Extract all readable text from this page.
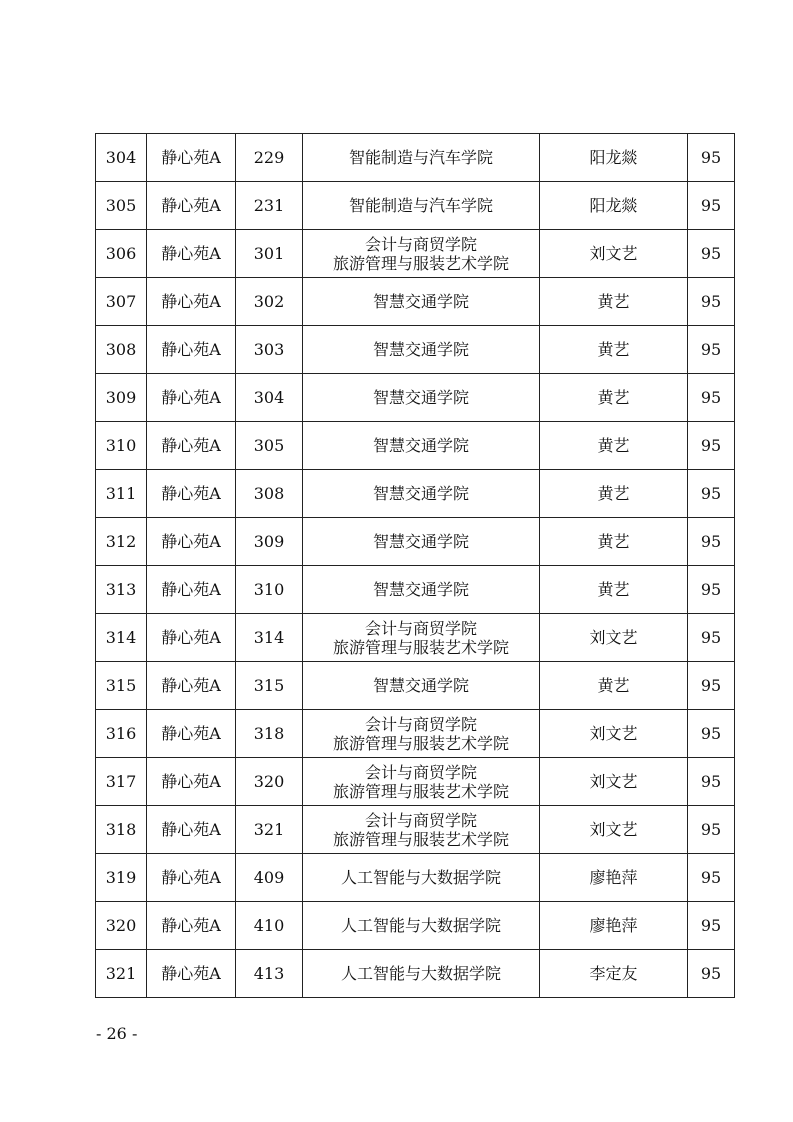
304	静心苑A	229	智能制造与汽车学院	阳龙燚	95
305	静心苑A	231	智能制造与汽车学院	阳龙燚	95
306	静心苑A	301	会计与商贸学院
旅游管理与服装艺术学院	刘文艺	95
307	静心苑A	302	智慧交通学院	黄艺	95
308	静心苑A	303	智慧交通学院	黄艺	95
309	静心苑A	304	智慧交通学院	黄艺	95
310	静心苑A	305	智慧交通学院	黄艺	95
311	静心苑A	308	智慧交通学院	黄艺	95
312	静心苑A	309	智慧交通学院	黄艺	95
313	静心苑A	310	智慧交通学院	黄艺	95
314	静心苑A	314	会计与商贸学院
旅游管理与服装艺术学院	刘文艺	95
315	静心苑A	315	智慧交通学院	黄艺	95
316	静心苑A	318	会计与商贸学院
旅游管理与服装艺术学院	刘文艺	95
317	静心苑A	320	会计与商贸学院
旅游管理与服装艺术学院	刘文艺	95
318	静心苑A	321	会计与商贸学院
旅游管理与服装艺术学院	刘文艺	95
319	静心苑A	409	人工智能与大数据学院	廖艳萍	95
320	静心苑A	410	人工智能与大数据学院	廖艳萍	95
321	静心苑A	413	人工智能与大数据学院	李定友	95
- 26 -
